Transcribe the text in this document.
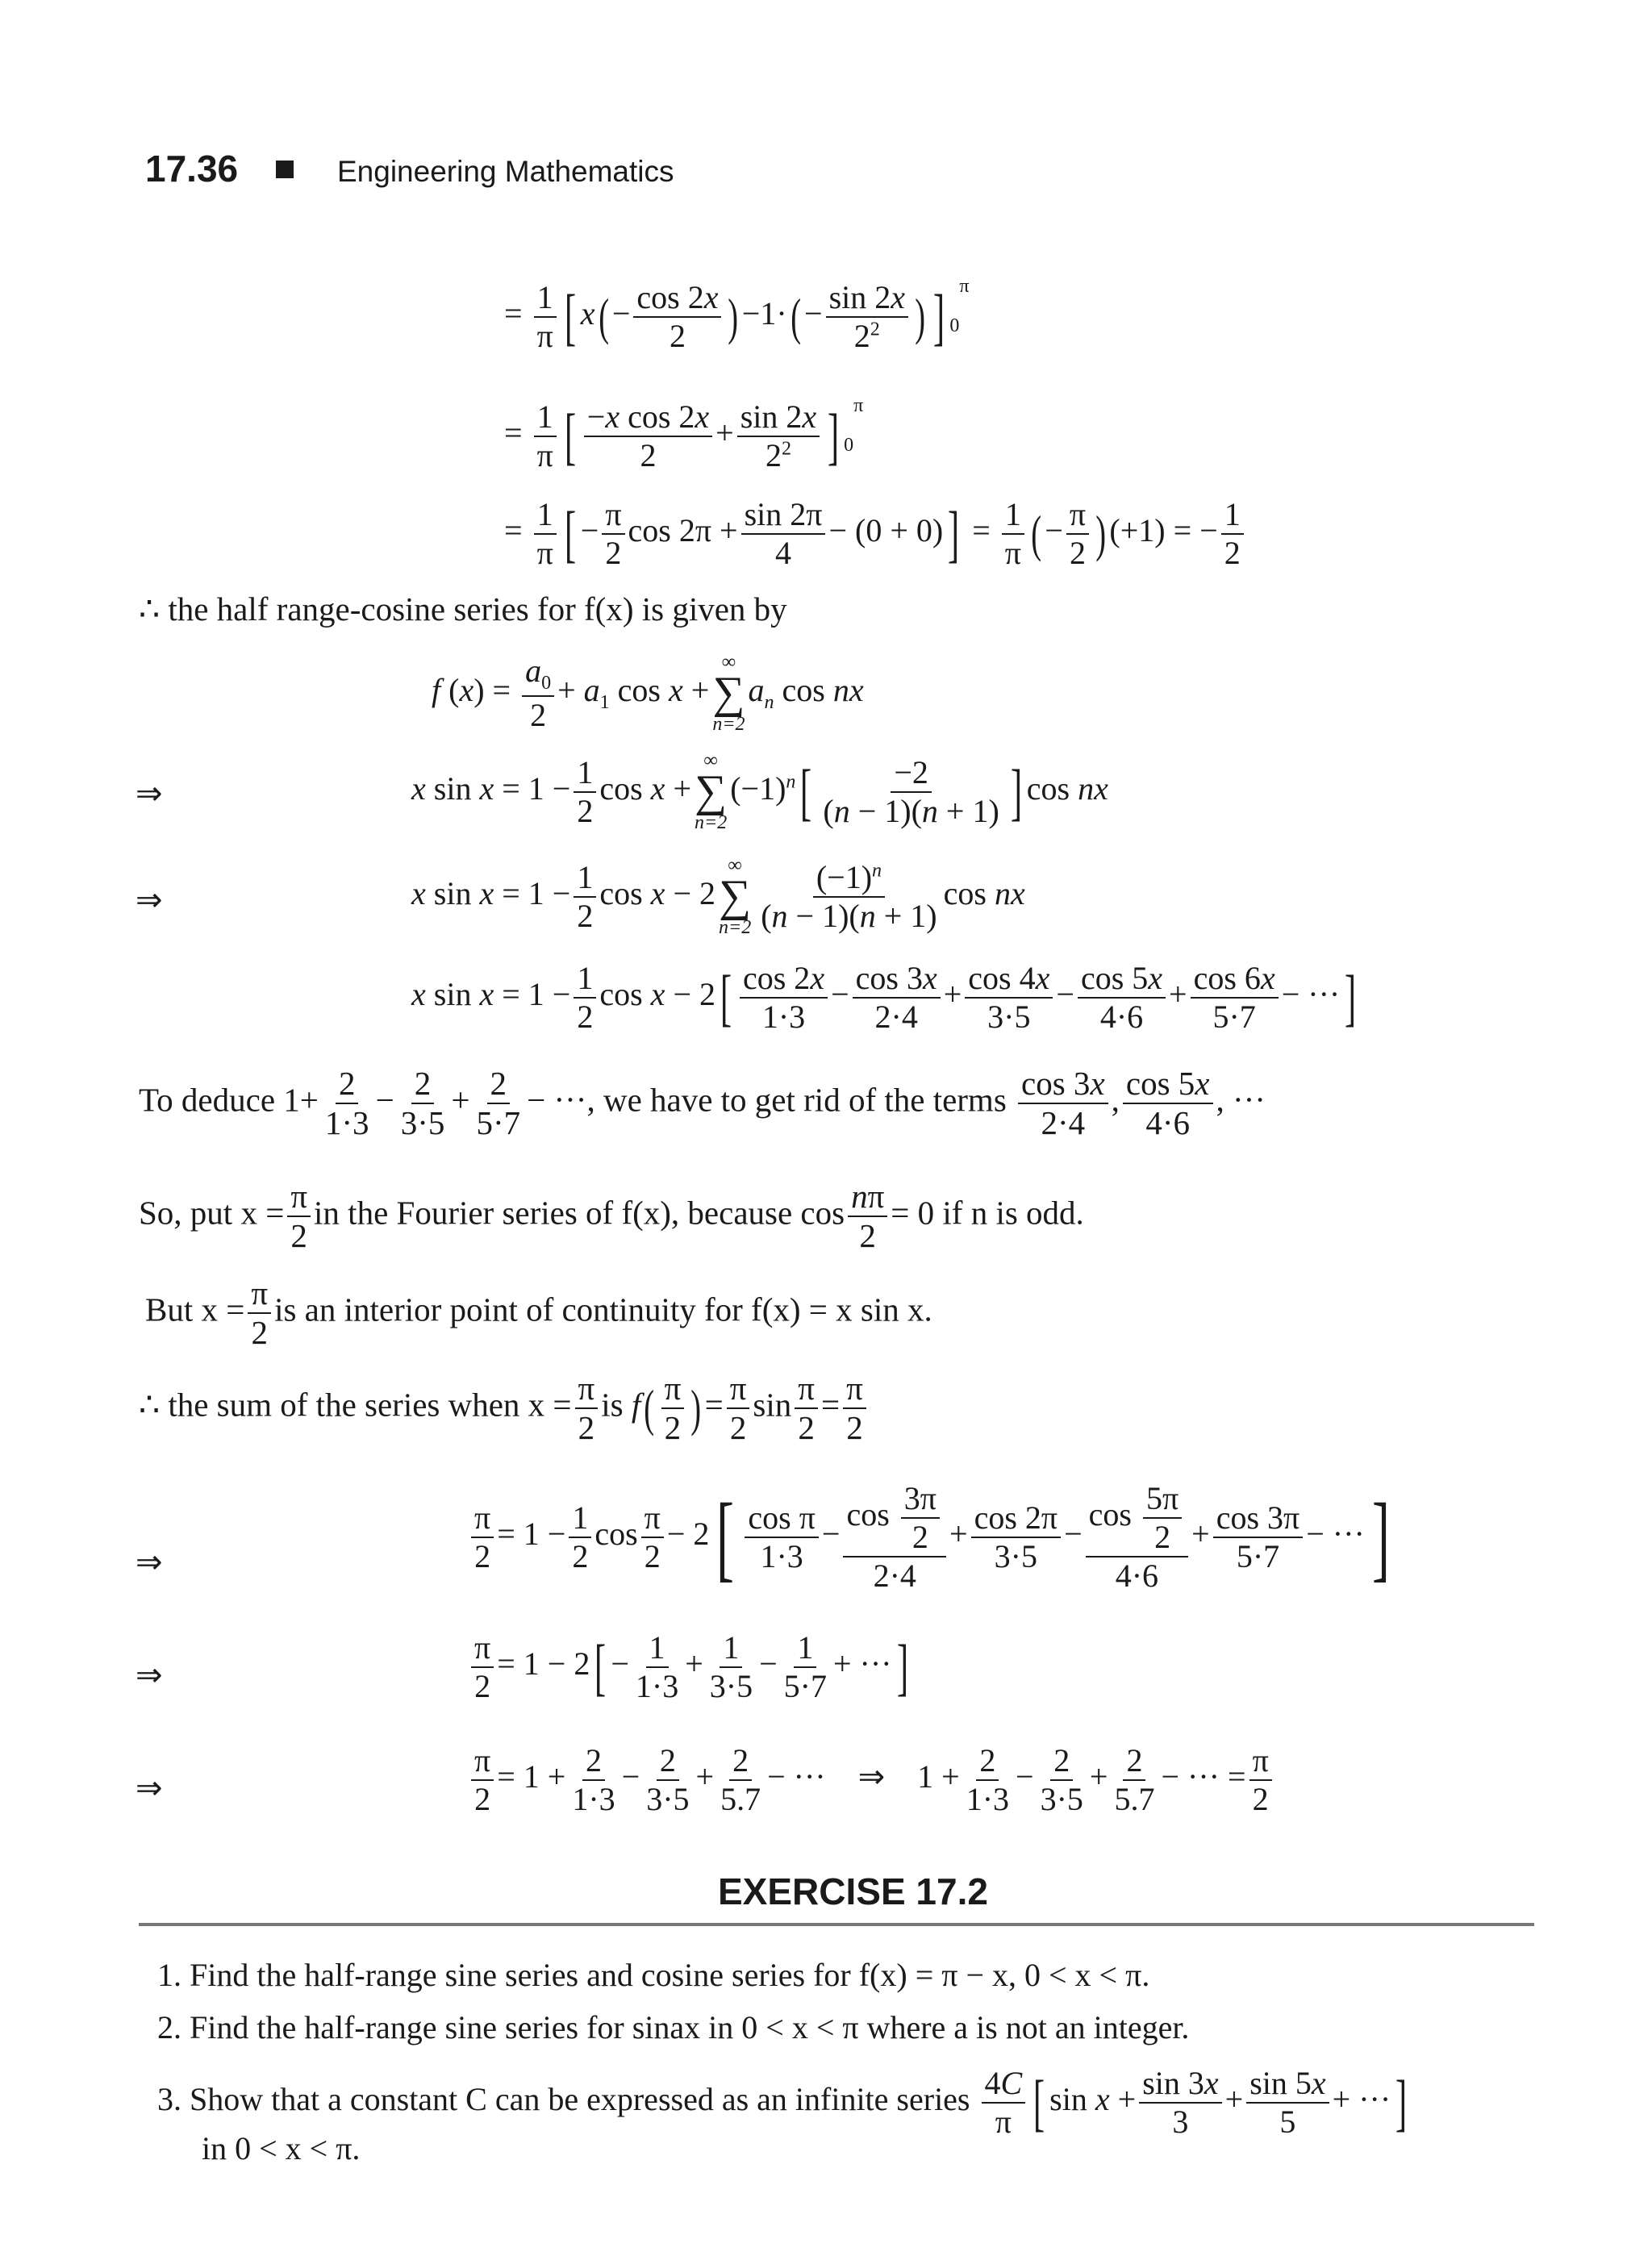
17.36	Engineering Mathematics
= $\frac{1}{\pi}$ [ $x( - \frac{\cos 2x}{2}$ ) $-1\cdot( - \frac{\sin 2x}{2^2}$ ) ] $_0^\pi$
= $\frac{1}{\pi}$ [ $\frac{\text{−x cos 2x}}{2} + \frac{\sin 2x}{2^2}$ ] $_0^\pi$
= $\frac{1}{\pi}$ [ − $\frac{\pi}{2}$ $\cos 2\pi + \frac{\sin 2\pi}{4} - (0 + 0)] = \frac{1}{\pi}$ ( − $\frac{\pi}{2}$ ) (+1) = − $\frac{1}{2}$
∴ the half range-cosine series for f(x) is given by
f $(x) = \frac{a_0}{2} + a_1$ cos x +
∞
∑
n=2
$a_n$ cos nx
⇒	x $\sin x = 1 - \frac{1}{2}$ cos x +
∞
∑
n=2
$(-1)^n[ \frac{-2}{(n - 1)(n + 1)}$ ] cos nx
⇒	x $\sin x = 1 - \frac{1}{2}$ cos x − 2
∞
∑
$n=2 \frac{(-1)^n}{(n - 1)(n + 1)}$ cos nx
x $\sin x = 1 - \frac{1}{2}$ $\cos x - 2[ \frac{\cos 2x}{1\cdot 3} - \frac{\cos 3x}{2\cdot 4} + \frac{\cos 4x}{3\cdot 5} - \frac{\cos 5x}{4\cdot 6} + \frac{\cos 6x}{5\cdot 7}$ − ···]
To deduce $1+ \frac{2}{1\cdot 3} - \frac{2}{3\cdot 5} + \frac{2}{5\cdot 7}$ − ···, we have to get rid of the terms $\frac{\cos 3x}{2\cdot 4}$ , $\frac{\cos 5x}{4\cdot 6}$ , ···
So, put $x = \frac{\pi}{2}$ in the Fourier series of f(x), because $\cos \frac{n\pi}{2} = 0$ if n is odd.
But $x = \frac{\pi}{2}$ is an interior point of continuity for f(x) = x sin x.
∴ the sum of the series when $x = \frac{\pi}{2}$ is $f( \frac{\pi}{2}$ ) = $\frac{\pi}{2}$ $\sin \frac{\pi}{2} = \frac{\pi}{2}$
⇒	$\frac{\pi}{2} = 1 - \frac{1}{2}$ $\cos \frac{\pi}{2} - 2[ \frac{\text{cos π}}{1\cdot 3} - \frac{\cos \frac{3\pi}{2}}{2\cdot 4} + \frac{\cos 2\pi}{3\cdot 5} - \frac{\cos \frac{5\pi}{2}}{4\cdot 6} + \frac{\cos 3\pi}{5\cdot 7}$ − ···]
⇒	$\frac{\pi}{2} = 1 - 2[ - \frac{1}{1\cdot 3} + \frac{1}{3\cdot 5} - \frac{1}{5\cdot 7}$ + ···]
⇒	$\frac{\pi}{2} = 1 + \frac{2}{1\cdot 3} - \frac{2}{3\cdot 5} + \frac{2}{5.7}$ − ···    ⇒    $1 + \frac{2}{1\cdot 3} - \frac{2}{3\cdot 5} + \frac{2}{5.7}$ − ··· = $\frac{\pi}{2}$
EXERCISE 17.2
1. Find the half-range sine series and cosine series for f(x) = π − x, 0 < x < π.
2. Find the half-range sine series for sinax in 0 < x < π where a is not an integer.
3. Show that a constant C can be expressed as an infinite series $\frac{4C}{\pi}$ [ $\sin x + \frac{\sin 3x}{3} + \frac{\sin 5x}{5}$ + ···]
in 0 < x < π.
